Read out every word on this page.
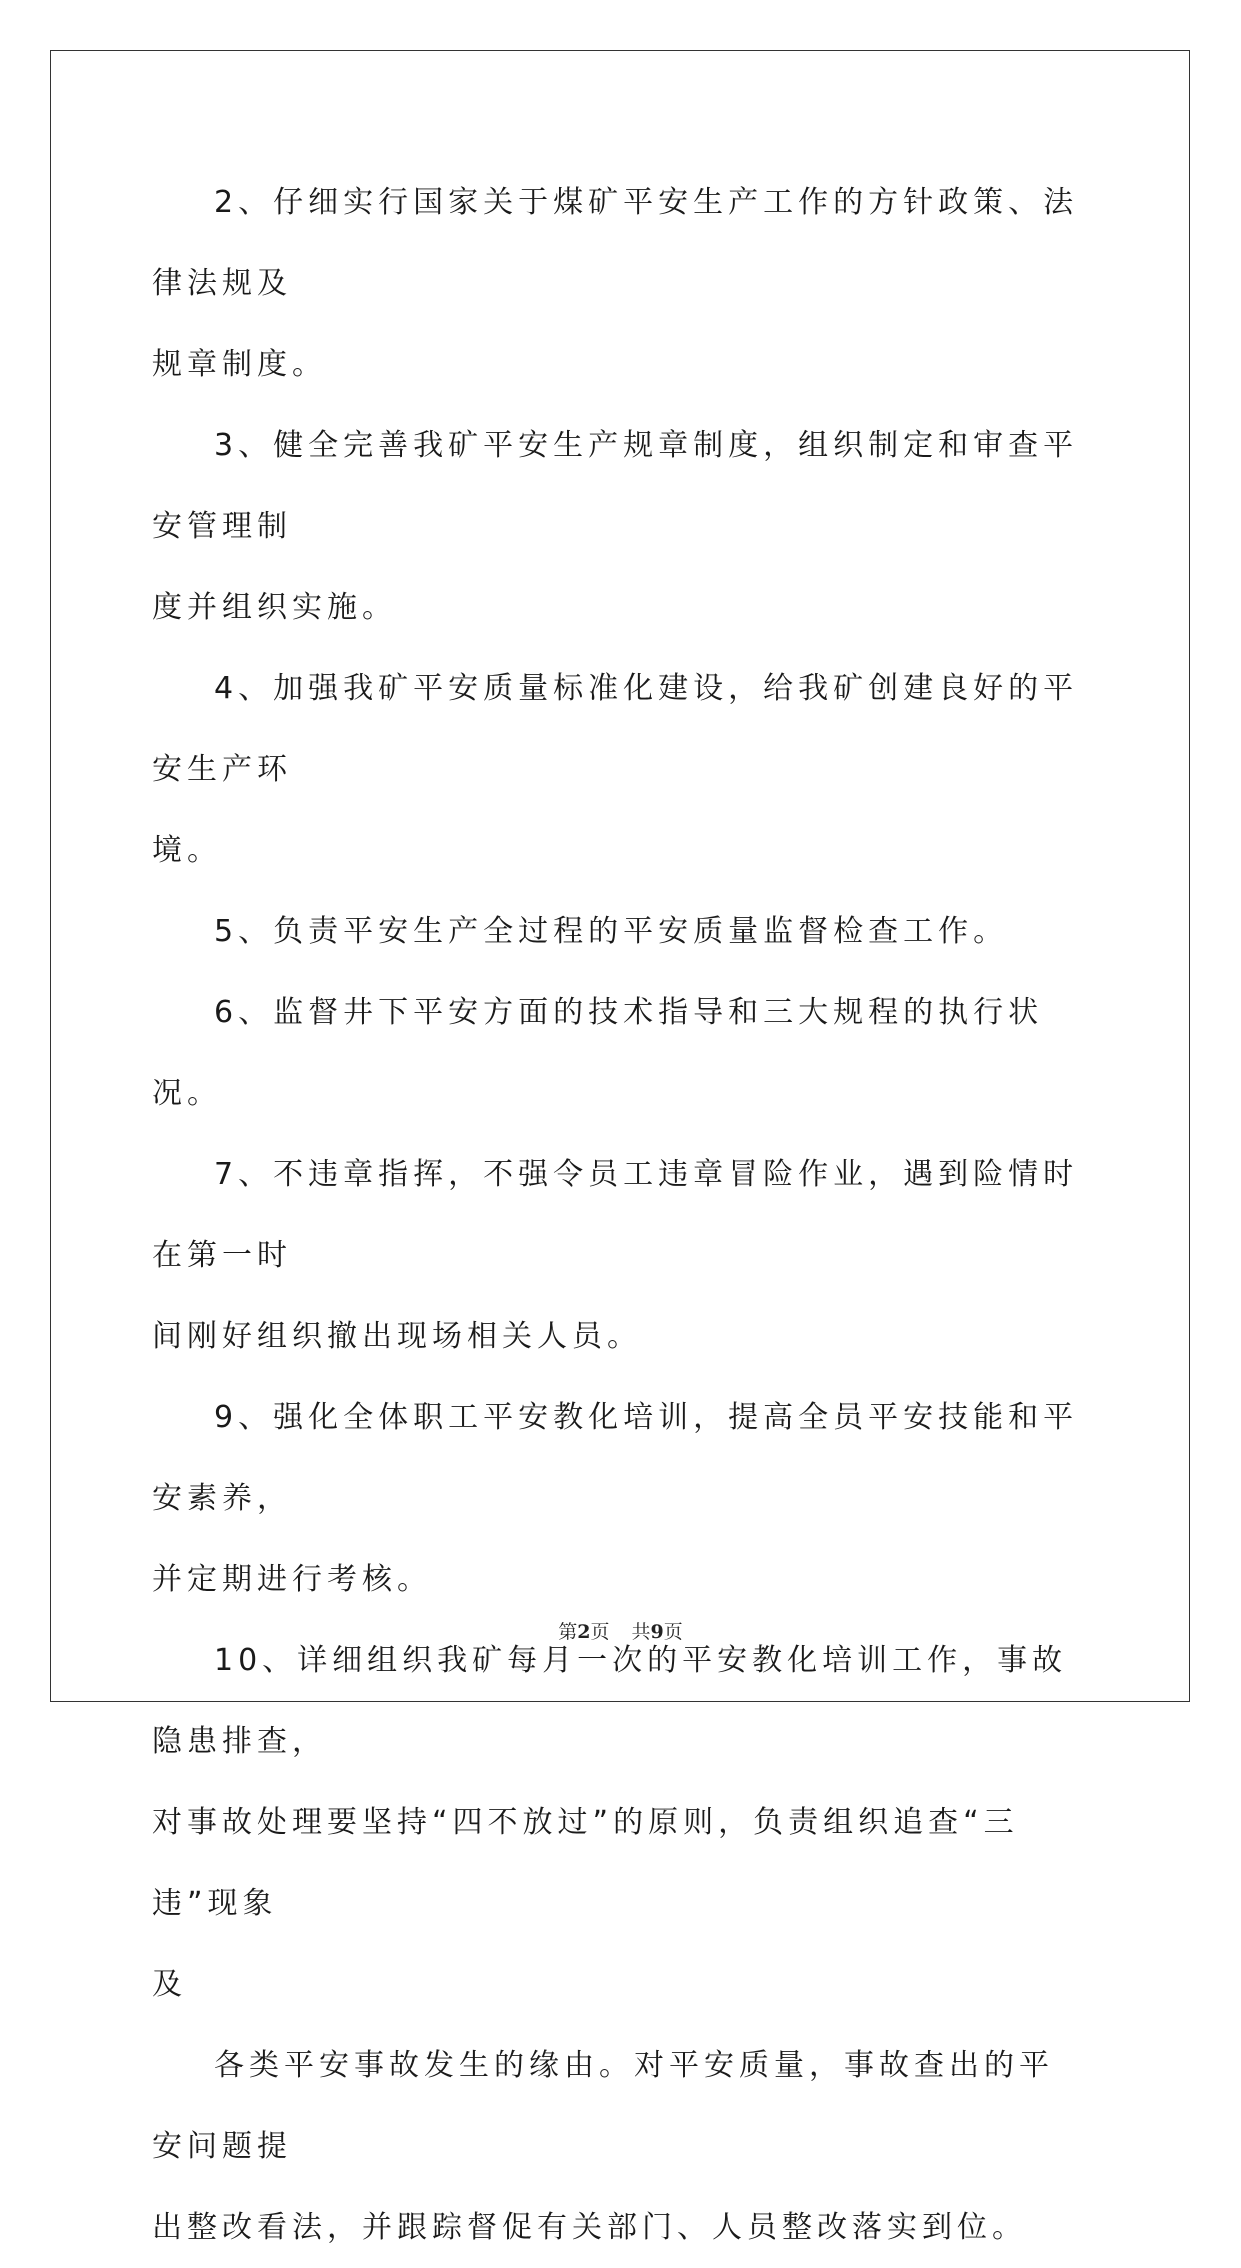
2、仔细实行国家关于煤矿平安生产工作的方针政策、法律法规及
规章制度。

3、健全完善我矿平安生产规章制度，组织制定和审查平安管理制
度并组织实施。

4、加强我矿平安质量标准化建设，给我矿创建良好的平安生产环
境。

5、负责平安生产全过程的平安质量监督检查工作。

6、监督井下平安方面的技术指导和三大规程的执行状况。

7、不违章指挥，不强令员工违章冒险作业，遇到险情时在第一时
间刚好组织撤出现场相关人员。

9、强化全体职工平安教化培训，提高全员平安技能和平安素养，
并定期进行考核。

10、详细组织我矿每月一次的平安教化培训工作，事故隐患排查，
对事故处理要坚持“四不放过”的原则，负责组织追查“三违”现象
及

各类平安事故发生的缘由。对平安质量，事故查出的平安问题提
出整改看法，并跟踪督促有关部门、人员整改落实到位。

第2页 共9页
